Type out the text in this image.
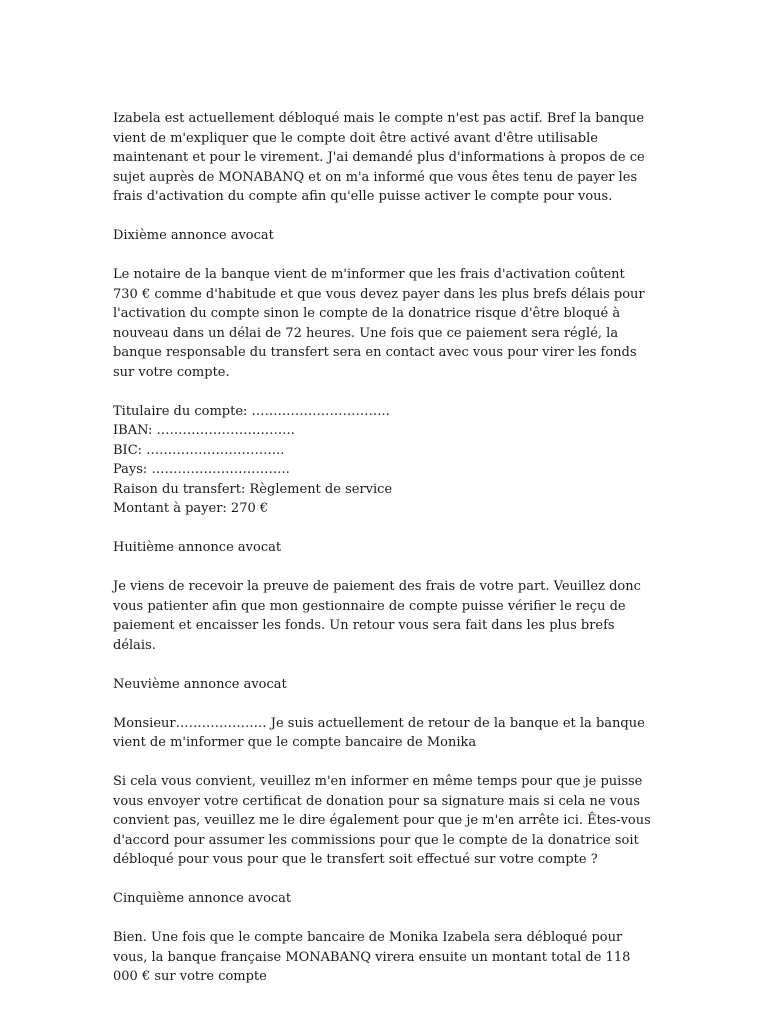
Izabela est actuellement débloqué mais le compte n'est pas actif. Bref la banque vient de m'expliquer que le compte doit être activé avant d'être utilisable maintenant et pour le virement. J'ai demandé plus d'informations à propos de ce sujet auprès de MONABANQ et on m'a informé que vous êtes tenu de payer les frais d'activation du compte afin qu'elle puisse activer le compte pour vous.

Dixième annonce avocat

Le notaire de la banque vient de m'informer que les frais d'activation coûtent 730 € comme d'habitude et que vous devez payer dans les plus brefs délais pour l'activation du compte sinon le compte de la donatrice risque d'être bloqué à nouveau dans un délai de 72 heures. Une fois que ce paiement sera réglé, la banque responsable du transfert sera en contact avec vous pour virer les fonds sur votre compte.

Titulaire du compte: …………………………..
IBAN: …………………………..
BIC: …………………………..
Pays: …………………………..
Raison du transfert: Règlement de service
Montant à payer: 270 €

Huitième annonce avocat

Je viens de recevoir la preuve de paiement des frais de votre part. Veuillez donc vous patienter afin que mon gestionnaire de compte puisse vérifier le reçu de paiement et encaisser les fonds. Un retour vous sera fait dans les plus brefs délais.

Neuvième annonce avocat

Monsieur………………… Je suis actuellement de retour de la banque et la banque vient de m'informer que le compte bancaire de Monika

Si cela vous convient, veuillez m'en informer en même temps pour que je puisse vous envoyer votre certificat de donation pour sa signature mais si cela ne vous convient pas, veuillez me le dire également pour que je m'en arrête ici. Êtes-vous d'accord pour assumer les commissions pour que le compte de la donatrice soit débloqué pour vous pour que le transfert soit effectué sur votre compte ?

Cinquième annonce avocat

Bien. Une fois que le compte bancaire de Monika Izabela sera débloqué pour vous, la banque française MONABANQ virera ensuite un montant total de 118 000 € sur votre compte
